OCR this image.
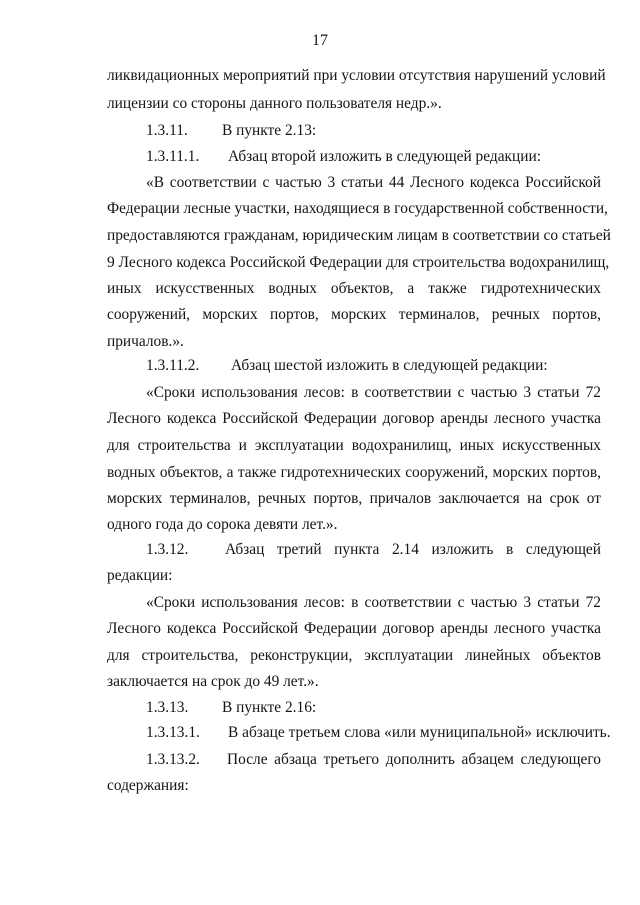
17
ликвидационных мероприятий при условии отсутствия нарушений условий
лицензии со стороны данного пользователя недр.».
1.3.11. В пункте 2.13:
1.3.11.1. Абзац второй изложить в следующей редакции:
«В соответствии с частью 3 статьи 44 Лесного кодекса Российской
Федерации лесные участки, находящиеся в государственной собственности,
предоставляются гражданам, юридическим лицам в соответствии со статьей
9 Лесного кодекса Российской Федерации для строительства водохранилищ,
иных искусственных водных объектов, а также гидротехнических
сооружений, морских портов, морских терминалов, речных портов,
причалов.».
1.3.11.2. Абзац шестой изложить в следующей редакции:
«Сроки использования лесов: в соответствии с частью 3 статьи 72
Лесного кодекса Российской Федерации договор аренды лесного участка
для строительства и эксплуатации водохранилищ, иных искусственных
водных объектов, а также гидротехнических сооружений, морских портов,
морских терминалов, речных портов, причалов заключается на срок от
одного года до сорока девяти лет.».
1.3.12. Абзац третий пункта 2.14 изложить в следующей
редакции:
«Сроки использования лесов: в соответствии с частью 3 статьи 72
Лесного кодекса Российской Федерации договор аренды лесного участка
для строительства, реконструкции, эксплуатации линейных объектов
заключается на срок до 49 лет.».
1.3.13. В пункте 2.16:
1.3.13.1. В абзаце третьем слова «или муниципальной» исключить.
1.3.13.2. После абзаца третьего дополнить абзацем следующего
содержания:
